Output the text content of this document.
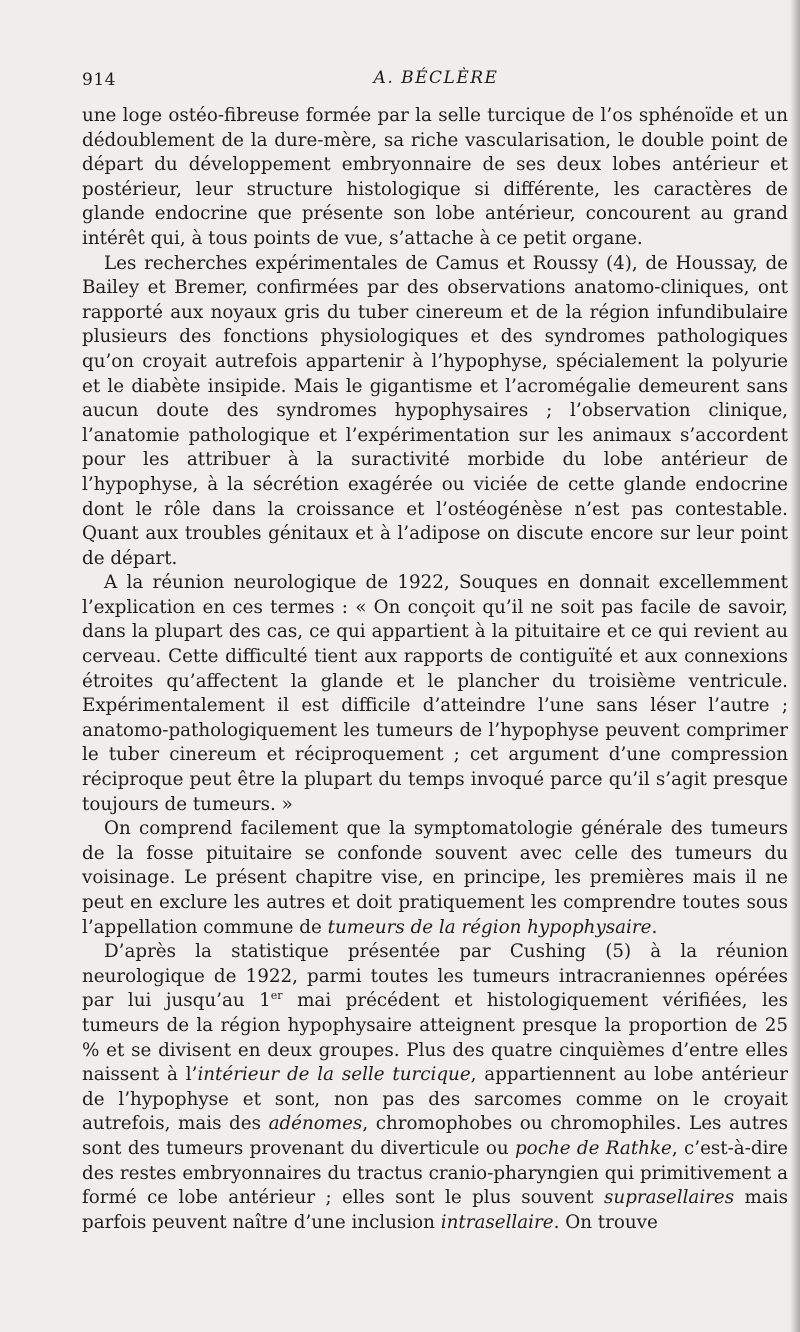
914	A. BÉCLÈRE

une loge ostéo-fibreuse formée par la selle turcique de l’os sphénoïde et un dédoublement de la dure-mère, sa riche vascularisation, le double point de départ du développement embryonnaire de ses deux lobes antérieur et postérieur, leur structure histologique si différente, les caractères de glande endocrine que présente son lobe antérieur, concourent au grand intérêt qui, à tous points de vue, s’attache à ce petit organe.

Les recherches expérimentales de Camus et Roussy (4), de Houssay, de Bailey et Bremer, confirmées par des observations anatomo-cliniques, ont rapporté aux noyaux gris du tuber cinereum et de la région infundibulaire plusieurs des fonctions physiologiques et des syndromes pathologiques qu’on croyait autrefois appartenir à l’hypophyse, spécialement la polyurie et le diabète insipide. Mais le gigantisme et l’acromégalie demeurent sans aucun doute des syndromes hypophysaires ; l’observation clinique, l’anatomie pathologique et l’expérimentation sur les animaux s’accordent pour les attribuer à la suractivité morbide du lobe antérieur de l’hypophyse, à la sécrétion exagérée ou viciée de cette glande endocrine dont le rôle dans la croissance et l’ostéogénèse n’est pas contestable. Quant aux troubles génitaux et à l’adipose on discute encore sur leur point de départ.

A la réunion neurologique de 1922, Souques en donnait excellemment l’explication en ces termes : « On conçoit qu’il ne soit pas facile de savoir, dans la plupart des cas, ce qui appartient à la pituitaire et ce qui revient au cerveau. Cette difficulté tient aux rapports de contiguïté et aux connexions étroites qu’affectent la glande et le plancher du troisième ventricule. Expérimentalement il est difficile d’atteindre l’une sans léser l’autre ; anatomo-pathologiquement les tumeurs de l’hypophyse peuvent comprimer le tuber cinereum et réciproquement ; cet argument d’une compression réciproque peut être la plupart du temps invoqué parce qu’il s’agit presque toujours de tumeurs. »

On comprend facilement que la symptomatologie générale des tumeurs de la fosse pituitaire se confonde souvent avec celle des tumeurs du voisinage. Le présent chapitre vise, en principe, les premières mais il ne peut en exclure les autres et doit pratiquement les comprendre toutes sous l’appellation commune de tumeurs de la région hypophysaire.

D’après la statistique présentée par Cushing (5) à la réunion neurologique de 1922, parmi toutes les tumeurs intracraniennes opérées par lui jusqu’au 1er mai précédent et histologiquement vérifiées, les tumeurs de la région hypophysaire atteignent presque la proportion de 25 % et se divisent en deux groupes. Plus des quatre cinquièmes d’entre elles naissent à l’intérieur de la selle turcique, appartiennent au lobe antérieur de l’hypophyse et sont, non pas des sarcomes comme on le croyait autrefois, mais des adénomes, chromophobes ou chromophiles. Les autres sont des tumeurs provenant du diverticule ou poche de Rathke, c’est-à-dire des restes embryonnaires du tractus cranio-pharyngien qui primitivement a formé ce lobe antérieur ; elles sont le plus souvent suprasellaires mais parfois peuvent naître d’une inclusion intrasellaire. On trouve
